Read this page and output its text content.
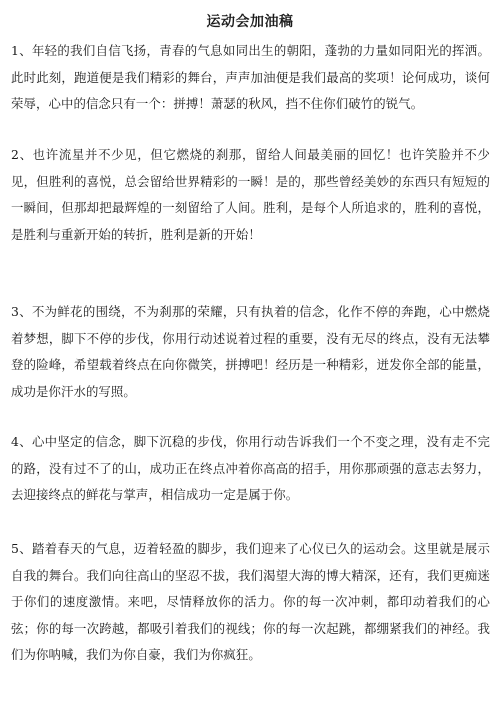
运动会加油稿
1、年轻的我们自信飞扬，青春的气息如同出生的朝阳，蓬勃的力量如同阳光的挥洒。此时此刻，跑道便是我们精彩的舞台，声声加油便是我们最高的奖项！论何成功，谈何荣辱，心中的信念只有一个：拼搏！萧瑟的秋风，挡不住你们破竹的锐气。
2、也许流星并不少见，但它燃烧的刹那，留给人间最美丽的回忆！也许笑脸并不少见，但胜利的喜悦，总会留给世界精彩的一瞬！是的，那些曾经美妙的东西只有短短的一瞬间，但那却把最辉煌的一刻留给了人间。胜利，是每个人所追求的，胜利的喜悦，是胜利与重新开始的转折，胜利是新的开始！
3、不为鲜花的围绕，不为刹那的荣耀，只有执着的信念，化作不停的奔跑，心中燃烧着梦想，脚下不停的步伐，你用行动述说着过程的重要，没有无尽的终点，没有无法攀登的险峰，希望载着终点在向你微笑，拼搏吧！经历是一种精彩，迸发你全部的能量，成功是你汗水的写照。
4、心中坚定的信念，脚下沉稳的步伐，你用行动告诉我们一个不变之理，没有走不完的路，没有过不了的山，成功正在终点冲着你高高的招手，用你那顽强的意志去努力，去迎接终点的鲜花与掌声，相信成功一定是属于你。
5、踏着春天的气息，迈着轻盈的脚步，我们迎来了心仪已久的运动会。这里就是展示自我的舞台。我们向往高山的坚忍不拔，我们渴望大海的博大精深，还有，我们更痴迷于你们的速度激情。来吧，尽情释放你的活力。你的每一次冲刺，都印动着我们的心弦；你的每一次跨越，都吸引着我们的视线；你的每一次起跳，都绷紧我们的神经。我们为你呐喊，我们为你自豪，我们为你疯狂。
